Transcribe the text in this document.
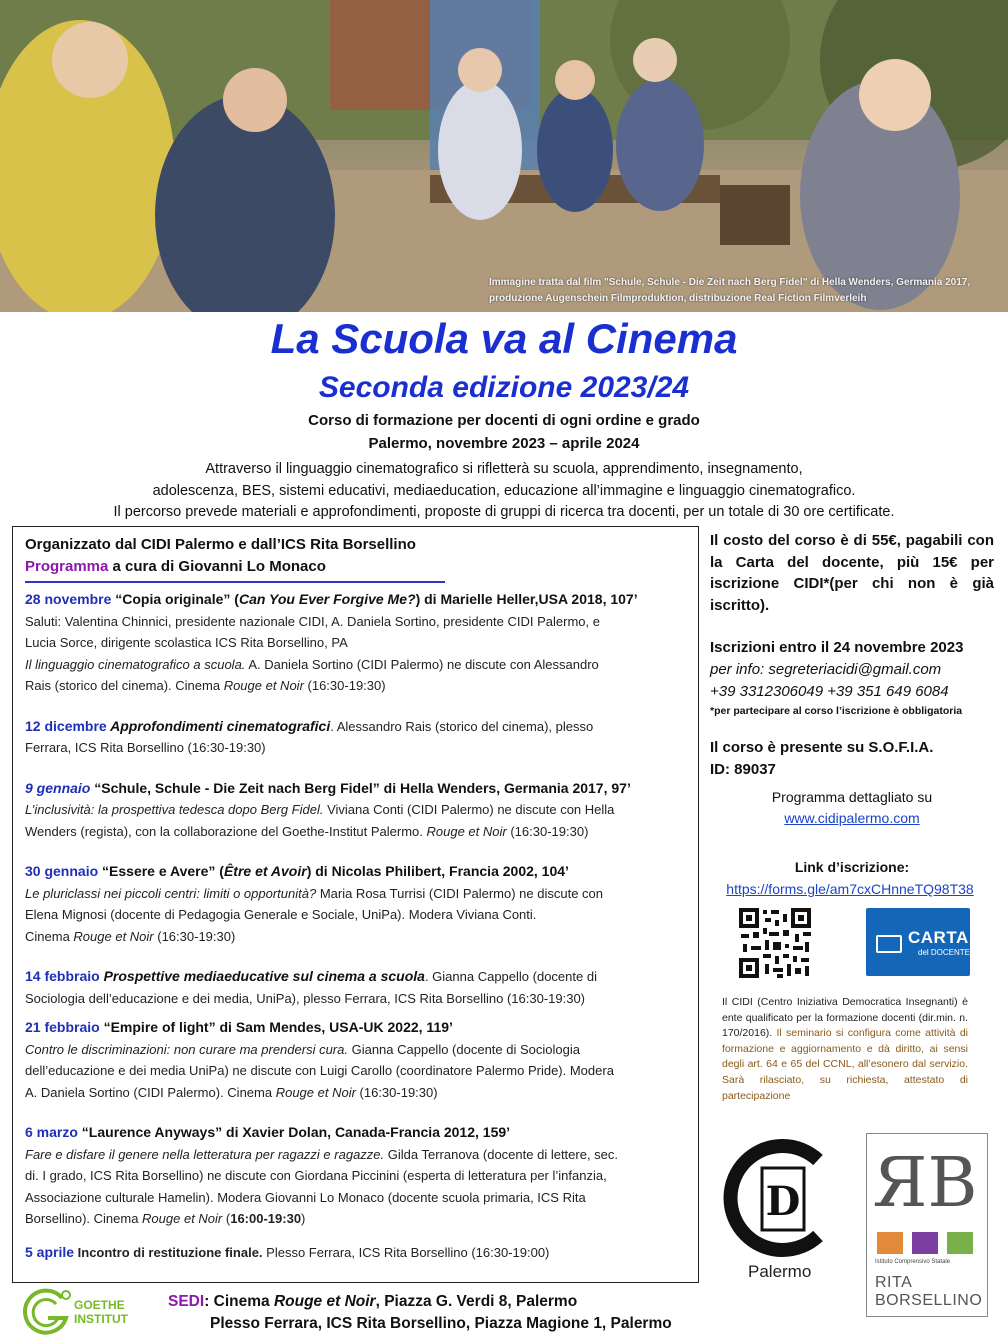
Immagine tratta dal film "Schule, Schule - Die Zeit nach Berg Fidel" di Hella Wenders, Germania 2017, produzione Augenschein Filmproduktion, distribuzione Real Fiction Filmverleih
La Scuola va al Cinema
Seconda edizione 2023/24
Corso di formazione per docenti di ogni ordine e grado
Palermo, novembre 2023 – aprile 2024
Attraverso il linguaggio cinematografico si rifletterà su scuola, apprendimento, insegnamento,
adolescenza, BES, sistemi educativi, mediaeducation, educazione all’immagine e linguaggio cinematografico.
Il percorso prevede materiali e approfondimenti, proposte di gruppi di ricerca tra docenti, per un totale di 30 ore certificate.
Organizzato dal CIDI Palermo e dall’ICS Rita Borsellino
Programma a cura di Giovanni Lo Monaco
28 novembre “Copia originale” (Can You Ever Forgive Me?) di Marielle Heller,USA 2018, 107’
Saluti: Valentina Chinnici, presidente nazionale CIDI, A. Daniela Sortino, presidente CIDI Palermo, e
Lucia Sorce, dirigente scolastica ICS Rita Borsellino, PA
Il linguaggio cinematografico a scuola. A. Daniela Sortino (CIDI Palermo) ne discute con Alessandro
Rais (storico del cinema). Cinema Rouge et Noir (16:30-19:30)
12 dicembre Approfondimenti cinematografici. Alessandro Rais (storico del cinema), plesso
Ferrara, ICS Rita Borsellino (16:30-19:30)
9 gennaio “Schule, Schule - Die Zeit nach Berg Fidel” di Hella Wenders, Germania 2017, 97’
L’inclusività: la prospettiva tedesca dopo Berg Fidel. Viviana Conti (CIDI Palermo) ne discute con Hella
Wenders (regista), con la collaborazione del Goethe-Institut Palermo. Rouge et Noir (16:30-19:30)
30 gennaio “Essere e Avere” (Être et Avoir) di Nicolas Philibert, Francia 2002, 104’
Le pluriclassi nei piccoli centri: limiti o opportunità? Maria Rosa Turrisi (CIDI Palermo) ne discute con
Elena Mignosi (docente di Pedagogia Generale e Sociale, UniPa). Modera Viviana Conti.
Cinema Rouge et Noir (16:30-19:30)
14 febbraio Prospettive mediaeducative sul cinema a scuola. Gianna Cappello (docente di
Sociologia dell’educazione e dei media, UniPa), plesso Ferrara, ICS Rita Borsellino (16:30-19:30)
21 febbraio “Empire of light” di Sam Mendes, USA-UK 2022, 119’
Contro le discriminazioni: non curare ma prendersi cura. Gianna Cappello (docente di Sociologia
dell’educazione e dei media UniPa) ne discute con Luigi Carollo (coordinatore Palermo Pride). Modera
A. Daniela Sortino (CIDI Palermo). Cinema Rouge et Noir (16:30-19:30)
6 marzo “Laurence Anyways” di Xavier Dolan, Canada-Francia 2012, 159’
Fare e disfare il genere nella letteratura per ragazzi e ragazze. Gilda Terranova (docente di lettere, sec.
di. I grado, ICS Rita Borsellino) ne discute con Giordana Piccinini (esperta di letteratura per l’infanzia,
Associazione culturale Hamelin). Modera Giovanni Lo Monaco (docente scuola primaria, ICS Rita
Borsellino). Cinema Rouge et Noir (16:00-19:30)
5 aprile Incontro di restituzione finale. Plesso Ferrara, ICS Rita Borsellino (16:30-19:00)
Il costo del corso è di 55€, pagabili con la Carta del docente, più 15€ per iscrizione CIDI*(per chi non è già iscritto).
Iscrizioni entro il 24 novembre 2023
per info: segreteriacidi@gmail.com
+39 3312306049 +39 351 649 6084
*per partecipare al corso l’iscrizione è obbligatoria
Il corso è presente su S.O.F.I.A.
ID: 89037
Programma dettagliato su
www.cidipalermo.com
Link d’iscrizione:
https://forms.gle/am7cxCHnneTQ98T38
CARTA
del DOCENTE
Il CIDI (Centro Iniziativa Democratica Insegnanti) è ente qualificato per la formazione docenti (dir.min. n. 170/2016). Il seminario si configura come attività di formazione e aggiornamento e dà diritto, ai sensi degli art. 64 e 65 del CCNL, all’esonero dal servizio. Sarà rilasciato, su richiesta, attestato di partecipazione
D
Palermo
ЯB
Istituto Comprensivo Statale
RITA
BORSELLINO
GOETHE
INSTITUT
SEDI: Cinema Rouge et Noir, Piazza G. Verdi 8, Palermo
Plesso Ferrara, ICS Rita Borsellino, Piazza Magione 1, Palermo
